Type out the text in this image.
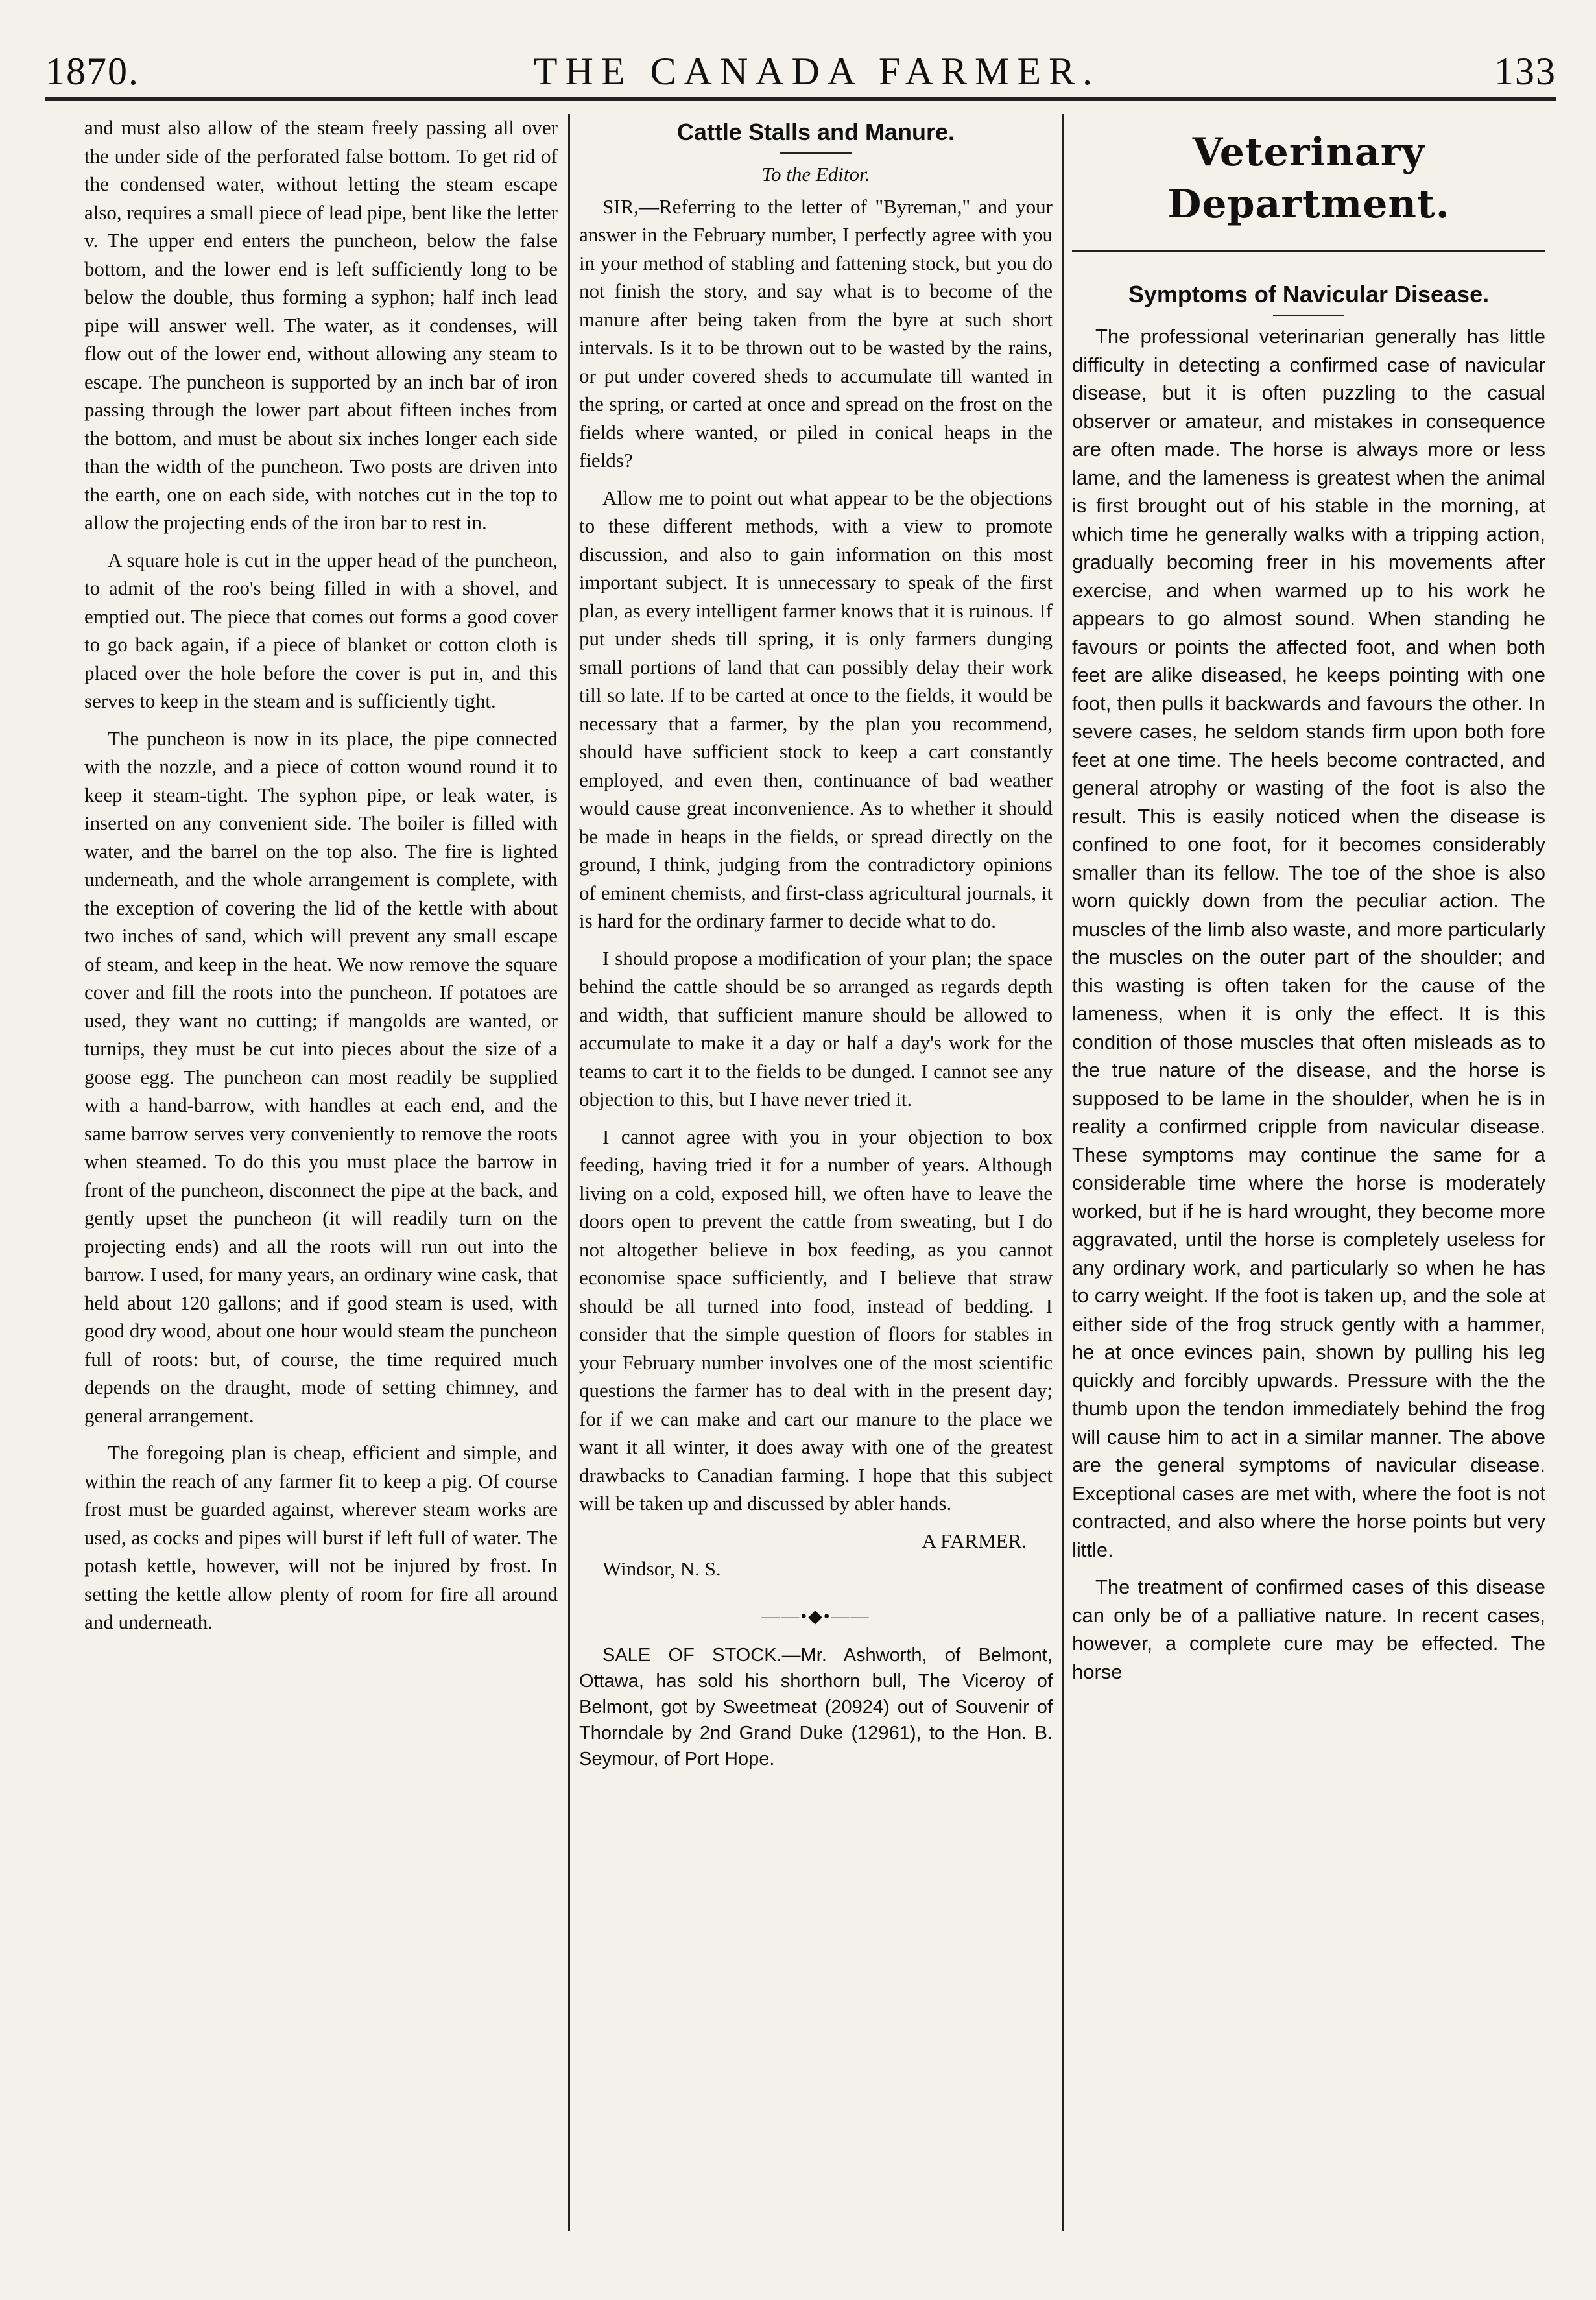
1870.	THE CANADA FARMER.	133

and must also allow of the steam freely passing all over the under side of the perforated false bottom. To get rid of the condensed water, without letting the steam escape also, requires a small piece of lead pipe, bent like the letter v. The upper end enters the puncheon, below the false bottom, and the lower end is left sufficiently long to be below the double, thus forming a syphon; half inch lead pipe will answer well. The water, as it condenses, will flow out of the lower end, without allowing any steam to escape. The puncheon is supported by an inch bar of iron passing through the lower part about fifteen inches from the bottom, and must be about six inches longer each side than the width of the puncheon. Two posts are driven into the earth, one on each side, with notches cut in the top to allow the projecting ends of the iron bar to rest in.

A square hole is cut in the upper head of the puncheon, to admit of the roo's being filled in with a shovel, and emptied out. The piece that comes out forms a good cover to go back again, if a piece of blanket or cotton cloth is placed over the hole before the cover is put in, and this serves to keep in the steam and is sufficiently tight.

The puncheon is now in its place, the pipe connected with the nozzle, and a piece of cotton wound round it to keep it steam-tight. The syphon pipe, or leak water, is inserted on any convenient side. The boiler is filled with water, and the barrel on the top also. The fire is lighted underneath, and the whole arrangement is complete, with the exception of covering the lid of the kettle with about two inches of sand, which will prevent any small escape of steam, and keep in the heat. We now remove the square cover and fill the roots into the puncheon. If potatoes are used, they want no cutting; if mangolds are wanted, or turnips, they must be cut into pieces about the size of a goose egg. The puncheon can most readily be supplied with a hand-barrow, with handles at each end, and the same barrow serves very conveniently to remove the roots when steamed. To do this you must place the barrow in front of the puncheon, disconnect the pipe at the back, and gently upset the puncheon (it will readily turn on the projecting ends) and all the roots will run out into the barrow. I used, for many years, an ordinary wine cask, that held about 120 gallons; and if good steam is used, with good dry wood, about one hour would steam the puncheon full of roots: but, of course, the time required much depends on the draught, mode of setting chimney, and general arrangement.

The foregoing plan is cheap, efficient and simple, and within the reach of any farmer fit to keep a pig. Of course frost must be guarded against, wherever steam works are used, as cocks and pipes will burst if left full of water. The potash kettle, however, will not be injured by frost. In setting the kettle allow plenty of room for fire all around and underneath.

Cattle Stalls and Manure.
To the Editor.

SIR,—Referring to the letter of "Byreman," and your answer in the February number, I perfectly agree with you in your method of stabling and fattening stock, but you do not finish the story, and say what is to become of the manure after being taken from the byre at such short intervals. Is it to be thrown out to be wasted by the rains, or put under covered sheds to accumulate till wanted in the spring, or carted at once and spread on the frost on the fields where wanted, or piled in conical heaps in the fields?

Allow me to point out what appear to be the objections to these different methods, with a view to promote discussion, and also to gain information on this most important subject. It is unnecessary to speak of the first plan, as every intelligent farmer knows that it is ruinous. If put under sheds till spring, it is only farmers dunging small portions of land that can possibly delay their work till so late. If to be carted at once to the fields, it would be necessary that a farmer, by the plan you recommend, should have sufficient stock to keep a cart constantly employed, and even then, continuance of bad weather would cause great inconvenience. As to whether it should be made in heaps in the fields, or spread directly on the ground, I think, judging from the contradictory opinions of eminent chemists, and first-class agricultural journals, it is hard for the ordinary farmer to decide what to do.

I should propose a modification of your plan; the space behind the cattle should be so arranged as regards depth and width, that sufficient manure should be allowed to accumulate to make it a day or half a day's work for the teams to cart it to the fields to be dunged. I cannot see any objection to this, but I have never tried it.

I cannot agree with you in your objection to box feeding, having tried it for a number of years. Although living on a cold, exposed hill, we often have to leave the doors open to prevent the cattle from sweating, but I do not altogether believe in box feeding, as you cannot economise space sufficiently, and I believe that straw should be all turned into food, instead of bedding. I consider that the simple question of floors for stables in your February number involves one of the most scientific questions the farmer has to deal with in the present day; for if we can make and cart our manure to the place we want it all winter, it does away with one of the greatest drawbacks to Canadian farming. I hope that this subject will be taken up and discussed by abler hands.

A FARMER.
Windsor, N. S.
——•◆•——

SALE OF STOCK.—Mr. Ashworth, of Belmont, Ottawa, has sold his shorthorn bull, The Viceroy of Belmont, got by Sweetmeat (20924) out of Souvenir of Thorndale by 2nd Grand Duke (12961), to the Hon. B. Seymour, of Port Hope.

Veterinary Department.
Symptoms of Navicular Disease.

The professional veterinarian generally has little difficulty in detecting a confirmed case of navicular disease, but it is often puzzling to the casual observer or amateur, and mistakes in consequence are often made. The horse is always more or less lame, and the lameness is greatest when the animal is first brought out of his stable in the morning, at which time he generally walks with a tripping action, gradually becoming freer in his movements after exercise, and when warmed up to his work he appears to go almost sound. When standing he favours or points the affected foot, and when both feet are alike diseased, he keeps pointing with one foot, then pulls it backwards and favours the other. In severe cases, he seldom stands firm upon both fore feet at one time. The heels become contracted, and general atrophy or wasting of the foot is also the result. This is easily noticed when the disease is confined to one foot, for it becomes considerably smaller than its fellow. The toe of the shoe is also worn quickly down from the peculiar action. The muscles of the limb also waste, and more particularly the muscles on the outer part of the shoulder; and this wasting is often taken for the cause of the lameness, when it is only the effect. It is this condition of those muscles that often misleads as to the true nature of the disease, and the horse is supposed to be lame in the shoulder, when he is in reality a confirmed cripple from navicular disease. These symptoms may continue the same for a considerable time where the horse is moderately worked, but if he is hard wrought, they become more aggravated, until the horse is completely useless for any ordinary work, and particularly so when he has to carry weight. If the foot is taken up, and the sole at either side of the frog struck gently with a hammer, he at once evinces pain, shown by pulling his leg quickly and forcibly upwards. Pressure with the the thumb upon the tendon immediately behind the frog will cause him to act in a similar manner. The above are the general symptoms of navicular disease. Exceptional cases are met with, where the foot is not contracted, and also where the horse points but very little.

The treatment of confirmed cases of this disease can only be of a palliative nature. In recent cases, however, a complete cure may be effected. The horse
